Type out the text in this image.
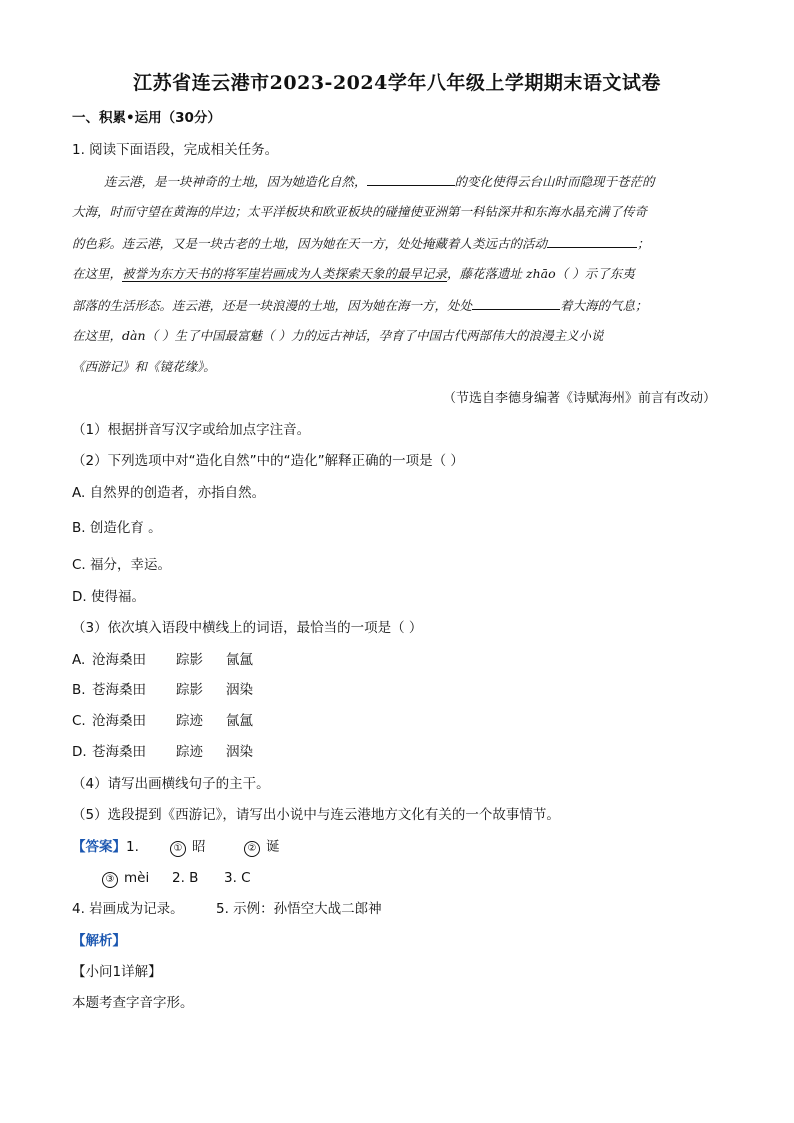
江苏省连云港市2023-2024学年八年级上学期期末语文试卷
一、积累•运用（30分）
1. 阅读下面语段，完成相关任务。
连云港，是一块神奇的土地，因为她造化自然，	的变化使得云台山时而隐现于苍茫的
大海，时而守望在黄海的岸边；太平洋板块和欧亚板块的碰撞使亚洲第一科钻深井和东海水晶充满了传奇
的色彩。连云港，又是一块古老的土地，因为她在天一方，处处掩藏着人类远古的活动	；
在这里，被誉为东方天书的将军崖岩画成为人类探索天象的最早记录，藤花落遗址 zhāo（ ）示了东夷
部落的生活形态。连云港，还是一块浪漫的土地，因为她在海一方，处处	着大海的气息；
在这里，dàn（ ）生了中国最富魅（ ）力的远古神话，孕育了中国古代两部伟大的浪漫主义小说
《西游记》和《镜花缘》。
（节选自李德身编著《诗赋海州》前言有改动）
（1）根据拼音写汉字或给加点字注音。
（2）下列选项中对“造化自然”中的“造化”解释正确的一项是（ ）
A. 自然界的创造者，亦指自然。
B. 创造化育 。
C. 福分，幸运。
D. 使得福。
（3）依次填入语段中横线上的词语，最恰当的一项是（ ）
A. 沧海桑田 踪影 氤氲
B. 苍海桑田 踪影 洇染
C. 沧海桑田 踪迹 氤氲
D. 苍海桑田 踪迹 洇染
（4）请写出画横线句子的主干。
（5）选段提到《西游记》，请写出小说中与连云港地方文化有关的一个故事情节。
【答案】1.	① 昭	② 诞
③ mèi 2. B 3. C
4. 岩画成为记录。 5. 示例：孙悟空大战二郎神
【解析】
【小问1详解】
本题考查字音字形。
